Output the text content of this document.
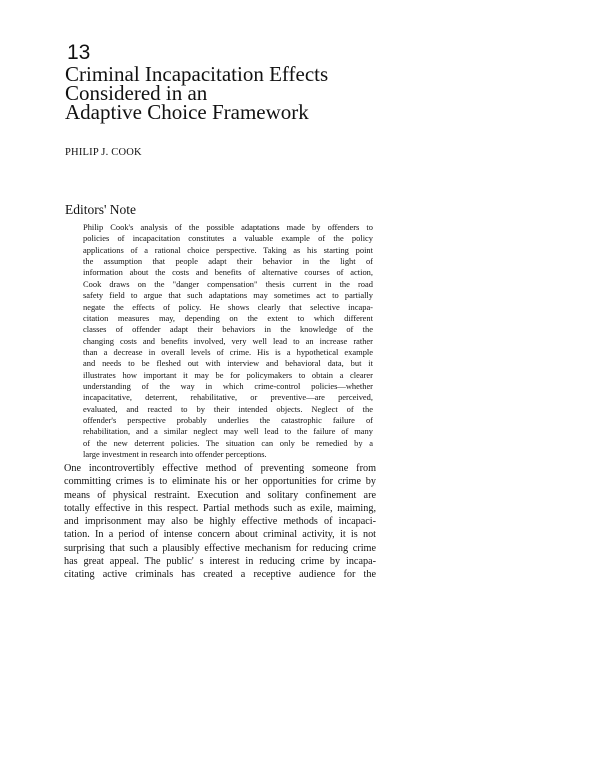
13
Criminal Incapacitation Effects
Considered in an
Adaptive Choice Framework
PHILIP J. COOK
Editors' Note
Philip Cook's analysis of the possible adaptations made by offenders to
policies of incapacitation constitutes a valuable example of the policy
applications of a rational choice perspective. Taking as his starting point
the assumption that people adapt their behavior in the light of
information about the costs and benefits of alternative courses of action,
Cook draws on the "danger compensation" thesis current in the road
safety field to argue that such adaptations may sometimes act to partially
negate the effects of policy. He shows clearly that selective incapa-
citation measures may, depending on the extent to which different
classes of offender adapt their behaviors in the knowledge of the
changing costs and benefits involved, very well lead to an increase rather
than a decrease in overall levels of crime. His is a hypothetical example
and needs to be fleshed out with interview and behavioral data, but it
illustrates how important it may be for policymakers to obtain a clearer
understanding of the way in which crime-control policies—whether
incapacitative, deterrent, rehabilitative, or preventive—are perceived,
evaluated, and reacted to by their intended objects. Neglect of the
offender's perspective probably underlies the catastrophic failure of
rehabilitation, and a similar neglect may well lead to the failure of many
of the new deterrent policies. The situation can only be remedied by a
large investment in research into offender perceptions.
One incontrovertibly effective method of preventing someone from
committing crimes is to eliminate his or her opportunities for crime by
means of physical restraint. Execution and solitary confinement are
totally effective in this respect. Partial methods such as exile, maiming,
and imprisonment may also be highly effective methods of incapaci-
tation. In a period of intense concern about criminal activity, it is not
surprising that such a plausibly effective mechanism for reducing crime
has great appeal. The public' s interest in reducing crime by incapa-
citating active criminals has created a receptive audience for the
